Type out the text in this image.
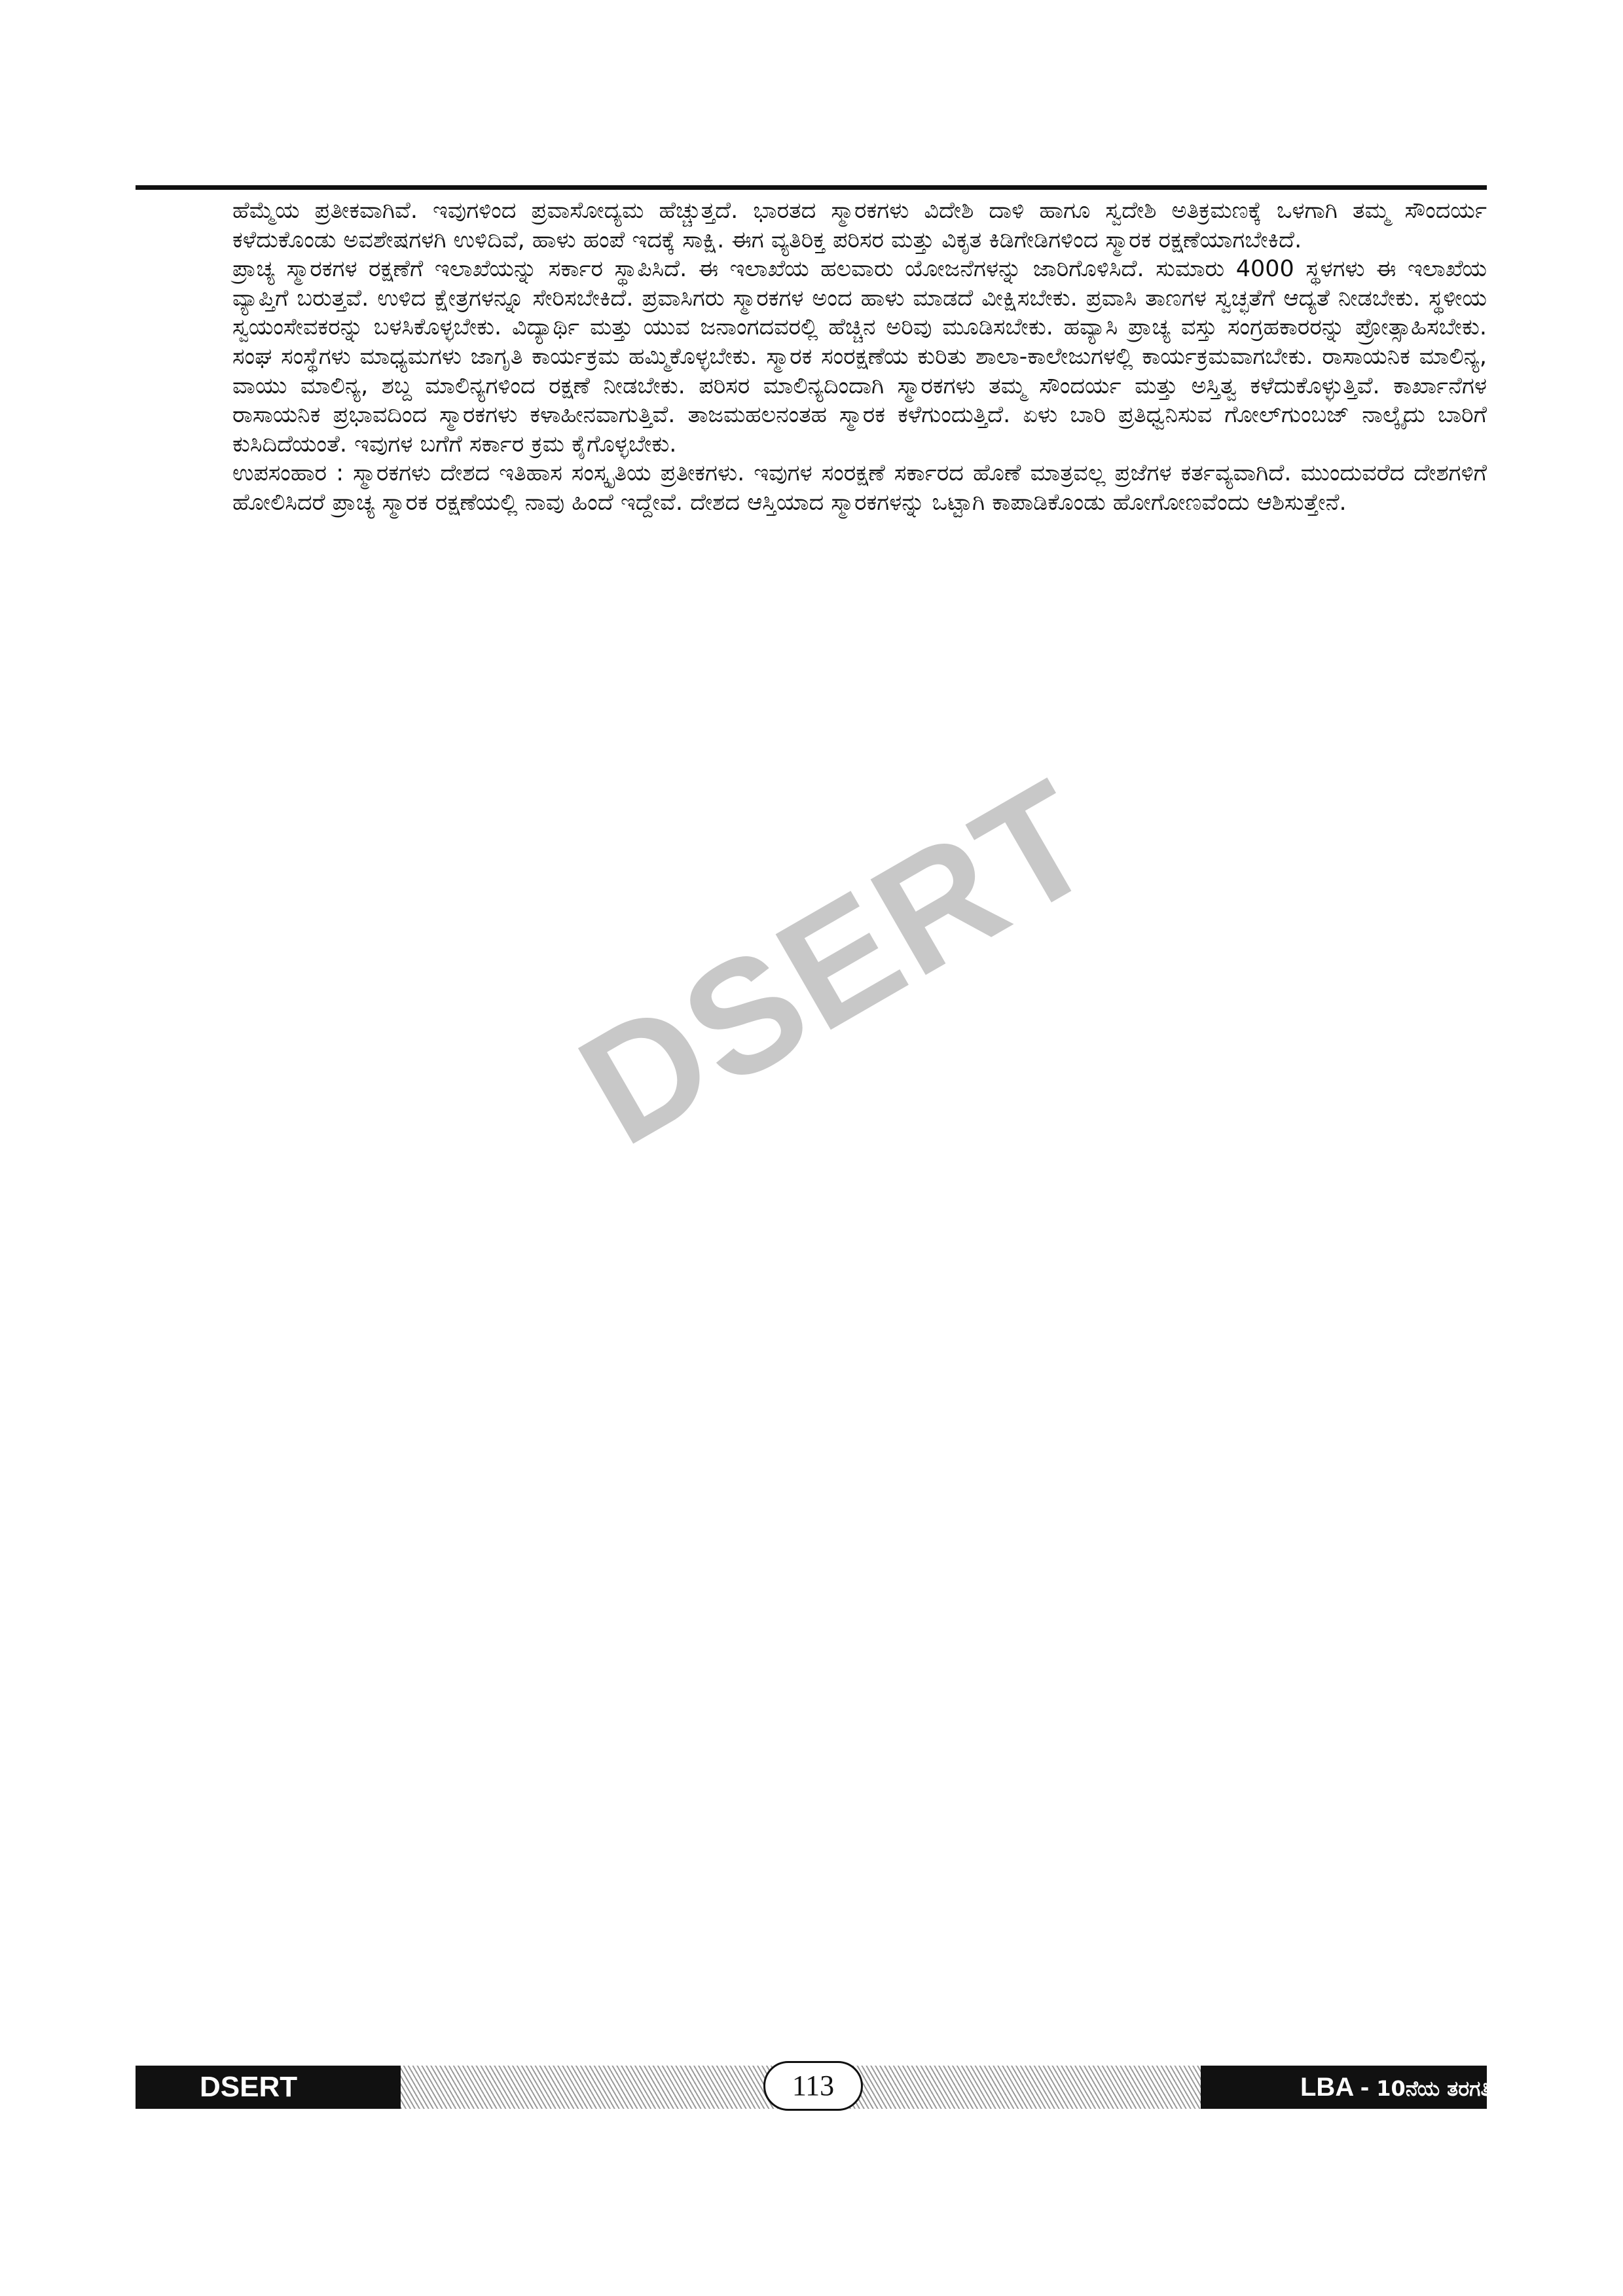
ಹೆಮ್ಮೆಯ ಪ್ರತೀಕವಾಗಿವೆ. ಇವುಗಳಿಂದ ಪ್ರವಾಸೋದ್ಯಮ ಹೆಚ್ಚುತ್ತದೆ. ಭಾರತದ ಸ್ಮಾರಕಗಳು ವಿದೇಶಿ ದಾಳಿ ಹಾಗೂ ಸ್ವದೇಶಿ ಅತಿಕ್ರಮಣಕ್ಕೆ ಒಳಗಾಗಿ ತಮ್ಮ ಸೌಂದರ್ಯ ಕಳೆದುಕೊಂಡು ಅವಶೇಷಗಳಗಿ ಉಳಿದಿವೆ, ಹಾಳು ಹಂಪೆ ಇದಕ್ಕೆ ಸಾಕ್ಷಿ. ಈಗ ವ್ಯತಿರಿಕ್ತ ಪರಿಸರ ಮತ್ತು ವಿಕೃತ ಕಿಡಿಗೇಡಿಗಳಿಂದ ಸ್ಮಾರಕ ರಕ್ಷಣೆಯಾಗಬೇಕಿದೆ.

ಪ್ರಾಚ್ಯ ಸ್ಮಾರಕಗಳ ರಕ್ಷಣೆಗೆ ಇಲಾಖೆಯನ್ನು ಸರ್ಕಾರ ಸ್ಥಾಪಿಸಿದೆ. ಈ ಇಲಾಖೆಯ ಹಲವಾರು ಯೋಜನೆಗಳನ್ನು ಜಾರಿಗೊಳಿಸಿದೆ. ಸುಮಾರು 4000 ಸ್ಥಳಗಳು ಈ ಇಲಾಖೆಯ ವ್ಯಾಪ್ತಿಗೆ ಬರುತ್ತವೆ. ಉಳಿದ ಕ್ಷೇತ್ರಗಳನ್ನೂ ಸೇರಿಸಬೇಕಿದೆ. ಪ್ರವಾಸಿಗರು ಸ್ಮಾರಕಗಳ ಅಂದ ಹಾಳು ಮಾಡದೆ ವೀಕ್ಷಿಸಬೇಕು. ಪ್ರವಾಸಿ ತಾಣಗಳ ಸ್ವಚ್ಛತೆಗೆ ಆದ್ಯತೆ ನೀಡಬೇಕು. ಸ್ಥಳೀಯ ಸ್ವಯಂಸೇವಕರನ್ನು ಬಳಸಿಕೊಳ್ಳಬೇಕು. ವಿದ್ಯಾರ್ಥಿ ಮತ್ತು ಯುವ ಜನಾಂಗದವರಲ್ಲಿ ಹೆಚ್ಚಿನ ಅರಿವು ಮೂಡಿಸಬೇಕು. ಹವ್ಯಾಸಿ ಪ್ರಾಚ್ಯ ವಸ್ತು ಸಂಗ್ರಹಕಾರರನ್ನು ಪ್ರೋತ್ಸಾಹಿಸಬೇಕು. ಸಂಘ ಸಂಸ್ಥೆಗಳು ಮಾಧ್ಯಮಗಳು ಜಾಗೃತಿ ಕಾರ್ಯಕ್ರಮ ಹಮ್ಮಿಕೊಳ್ಳಬೇಕು. ಸ್ಮಾರಕ ಸಂರಕ್ಷಣೆಯ ಕುರಿತು ಶಾಲಾ-ಕಾಲೇಜುಗಳಲ್ಲಿ ಕಾರ್ಯಕ್ರಮವಾಗಬೇಕು. ರಾಸಾಯನಿಕ ಮಾಲಿನ್ಯ, ವಾಯು ಮಾಲಿನ್ಯ, ಶಬ್ದ ಮಾಲಿನ್ಯಗಳಿಂದ ರಕ್ಷಣೆ ನೀಡಬೇಕು. ಪರಿಸರ ಮಾಲಿನ್ಯದಿಂದಾಗಿ ಸ್ಮಾರಕಗಳು ತಮ್ಮ ಸೌಂದರ್ಯ ಮತ್ತು ಅಸ್ತಿತ್ವ ಕಳೆದುಕೊಳ್ಳುತ್ತಿವೆ. ಕಾರ್ಖಾನೆಗಳ ರಾಸಾಯನಿಕ ಪ್ರಭಾವದಿಂದ ಸ್ಮಾರಕಗಳು ಕಳಾಹೀನವಾಗುತ್ತಿವೆ. ತಾಜಮಹಲನಂತಹ ಸ್ಮಾರಕ ಕಳೆಗುಂದುತ್ತಿದೆ. ಏಳು ಬಾರಿ ಪ್ರತಿಧ್ವನಿಸುವ ಗೋಲ್‌ಗುಂಬಜ್ ನಾಲ್ಕೈದು ಬಾರಿಗೆ ಕುಸಿದಿದೆಯಂತೆ. ಇವುಗಳ ಬಗೆಗೆ ಸರ್ಕಾರ ಕ್ರಮ ಕೈಗೊಳ್ಳಬೇಕು.

ಉಪಸಂಹಾರ : ಸ್ಮಾರಕಗಳು ದೇಶದ ಇತಿಹಾಸ ಸಂಸ್ಕೃತಿಯ ಪ್ರತೀಕಗಳು. ಇವುಗಳ ಸಂರಕ್ಷಣೆ ಸರ್ಕಾರದ ಹೊಣೆ ಮಾತ್ರವಲ್ಲ ಪ್ರಜೆಗಳ ಕರ್ತವ್ಯವಾಗಿದೆ. ಮುಂದುವರೆದ ದೇಶಗಳಿಗೆ ಹೋಲಿಸಿದರೆ ಪ್ರಾಚ್ಯ ಸ್ಮಾರಕ ರಕ್ಷಣೆಯಲ್ಲಿ ನಾವು ಹಿಂದೆ ಇದ್ದೇವೆ. ದೇಶದ ಆಸ್ತಿಯಾದ ಸ್ಮಾರಕಗಳನ್ನು ಒಟ್ಟಾಗಿ ಕಾಪಾಡಿಕೊಂಡು ಹೋಗೋಣವೆಂದು ಆಶಿಸುತ್ತೇನೆ.

DSERT
DSERT	LBA - 10ನೆಯ ತರಗತಿ
113
